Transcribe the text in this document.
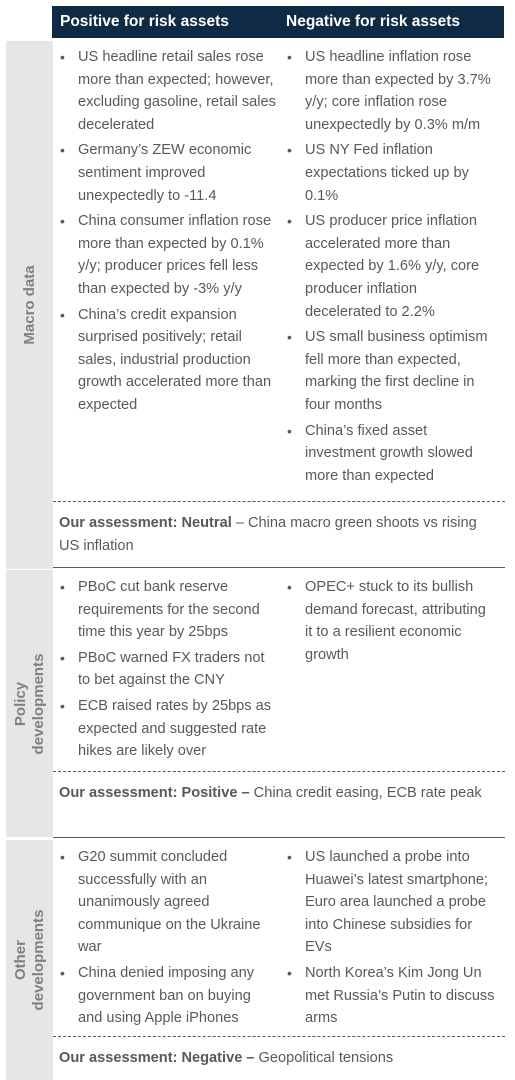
Positive for risk assets	Negative for risk assets
Macro data
• US headline retail sales rose more than expected; however, excluding gasoline, retail sales decelerated
• Germany’s ZEW economic sentiment improved unexpectedly to -11.4
• China consumer inflation rose more than expected by 0.1% y/y; producer prices fell less than expected by -3% y/y
• China’s credit expansion surprised positively; retail sales, industrial production growth accelerated more than expected
• US headline inflation rose more than expected by 3.7% y/y; core inflation rose unexpectedly by 0.3% m/m
• US NY Fed inflation expectations ticked up by 0.1%
• US producer price inflation accelerated more than expected by 1.6% y/y, core producer inflation decelerated to 2.2%
• US small business optimism fell more than expected, marking the first decline in four months
• China’s fixed asset investment growth slowed more than expected
Our assessment: Neutral – China macro green shoots vs rising US inflation
Policy
developments
• PBoC cut bank reserve requirements for the second time this year by 25bps
• PBoC warned FX traders not to bet against the CNY
• ECB raised rates by 25bps as expected and suggested rate hikes are likely over
• OPEC+ stuck to its bullish demand forecast, attributing it to a resilient economic growth
Our assessment: Positive – China credit easing, ECB rate peak
Other
developments
• G20 summit concluded successfully with an unanimously agreed communique on the Ukraine war
• China denied imposing any government ban on buying and using Apple iPhones
• US launched a probe into Huawei’s latest smartphone; Euro area launched a probe into Chinese subsidies for EVs
• North Korea’s Kim Jong Un met Russia’s Putin to discuss arms
Our assessment: Negative – Geopolitical tensions
